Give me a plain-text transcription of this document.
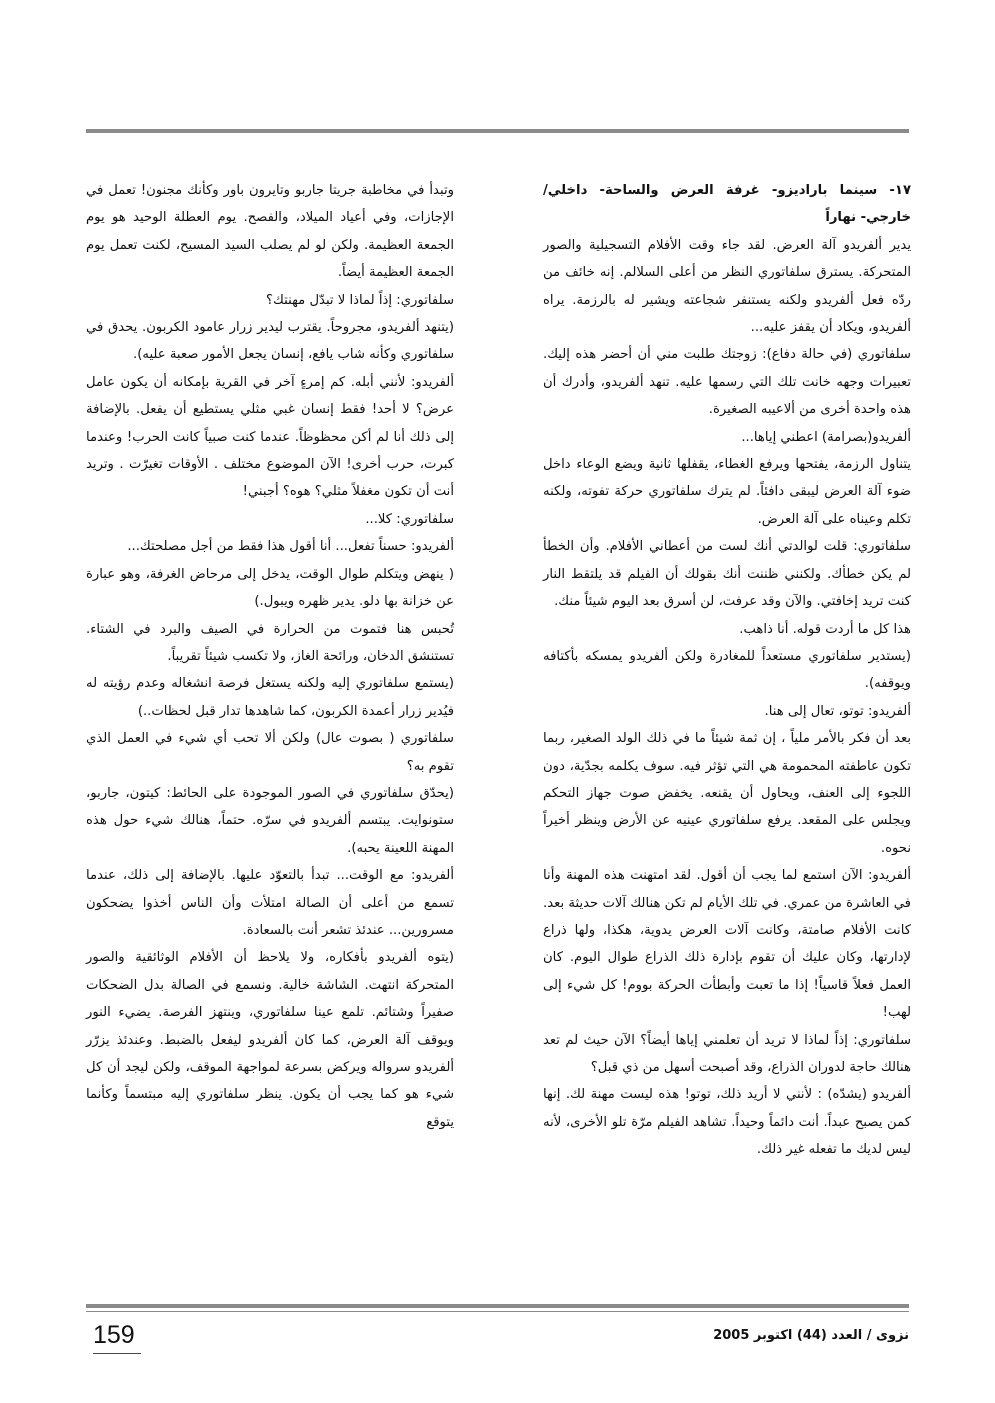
١٧- سينما باراديزو- غرفة العرض والساحة- داخلي/خارجي- نهاراً

يدير ألفريدو آلة العرض. لقد جاء وقت الأفلام التسجيلية والصور المتحركة. يسترق سلفاتوري النظر من أعلى السلالم. إنه خائف من ردّه فعل ألفريدو ولكنه يستنفر شجاعته ويشير له بالرزمة. يراه ألفريدو، ويكاد أن يقفز عليه...

سلفاتوري (في حالة دفاع): زوجتك طلبت مني أن أحضر هذه إليك. تعبيرات وجهه خانت تلك التي رسمها عليه. تنهد ألفريدو، وأدرك أن هذه واحدة أخرى من ألاعيبه الصغيرة.

ألفريدو(بصرامة) اعطني إياها...

يتناول الرزمة، يفتحها ويرفع الغطاء، يقفلها ثانية ويضع الوعاء داخل ضوء آلة العرض ليبقى دافئاً. لم يترك سلفاتوري حركة تفوته، ولكنه تكلم وعيناه على آلة العرض.

سلفاتوري: قلت لوالدتي أنك لست من أعطاني الأفلام. وأن الخطأ لم يكن خطأك. ولكنني ظننت أنك بقولك أن الفيلم قد يلتقط النار كنت تريد إخافتي. والآن وقد عرفت، لن أسرق بعد اليوم شيئاً منك.

هذا كل ما أردت قوله. أنا ذاهب.

(يستدير سلفاتوري مستعداً للمغادرة ولكن ألفريدو يمسكه بأكتافه ويوقفه).

ألفريدو: توتو، تعال إلى هنا.

بعد أن فكر بالأمر ملياً ، إن ثمة شيئاً ما في ذلك الولد الصغير، ربما تكون عاطفته المحمومة هي التي تؤثر فيه. سوف يكلمه بجدّية، دون اللجوء إلى العنف، ويحاول أن يقنعه. يخفض صوت جهاز التحكم ويجلس على المقعد. يرفع سلفاتوري عينيه عن الأرض وينظر أخيراً نحوه.

ألفريدو: الآن استمع لما يجب أن أقول. لقد امتهنت هذه المهنة وأنا في العاشرة من عمري. في تلك الأيام لم تكن هنالك آلات حديثة بعد. كانت الأفلام صامتة، وكانت آلات العرض يدوية، هكذا، ولها ذراع لإدارتها، وكان عليك أن تقوم بإدارة ذلك الذراع طوال اليوم. كان العمل فعلاً قاسياً! إذا ما تعبت وأبطأت الحركة بووم! كل شيء إلى لهب!

سلفاتوري: إذاً لماذا لا تريد أن تعلمني إياها أيضاً؟ الآن حيث لم تعد هنالك حاجة لدوران الذراع، وقد أصبحت أسهل من ذي قبل؟

ألفريدو (يشدّه) : لأنني لا أريد ذلك، توتو! هذه ليست مهنة لك. إنها كمن يصبح عبداً. أنت دائماً وحيداً. تشاهد الفيلم مرّة تلو الأخرى، لأنه ليس لديك ما تفعله غير ذلك.

وتبدأ في مخاطبة جريتا جاربو وتايرون باور وكأنك مجنون! تعمل في الإجازات، وفي أعياد الميلاد، والفصح. يوم العطلة الوحيد هو يوم الجمعة العظيمة. ولكن لو لم يصلب السيد المسيح، لكنت تعمل يوم الجمعة العظيمة أيضاً.

سلفاتوري: إذاً لماذا لا تبدّل مهنتك؟

(يتنهد ألفريدو، مجروحاً. يقترب ليدير زرار عامود الكربون. يحدق في سلفاتوري وكأنه شاب يافع، إنسان يجعل الأمور صعبة عليه).

ألفريدو: لأنني أبله. كم إمرءٍ آخر في القرية بإمكانه أن يكون عامل عرض؟ لا أحد! فقط إنسان غبي مثلي يستطيع أن يفعل. بالإضافة إلى ذلك أنا لم أكن محظوظاً. عندما كنت صبياً كانت الحرب! وعندما كبرت، حرب أخرى! الآن الموضوع مختلف . الأوقات تغيرّت . وتريد أنت أن تكون مغفلاً مثلي؟ هوه؟ أجبني!

سلفاتوري: كلا...

ألفريدو: حسناً تفعل... أنا أقول هذا فقط من أجل مصلحتك...

( ينهض ويتكلم طوال الوقت، يدخل إلى مرحاض الغرفة، وهو عبارة عن خزانة بها دلو. يدير ظهره ويبول.)

تُحبس هنا فتموت من الحرارة في الصيف والبرد في الشتاء. تستنشق الدخان، ورائحة الغاز، ولا تكسب شيئاً تقريباً.

(يستمع سلفاتوري إليه ولكنه يستغل فرصة انشغاله وعدم رؤيته له فيُدير زرار أعمدة الكربون، كما شاهدها تدار قبل لحظات..)

سلفاتوري ( بصوت عال) ولكن ألا تحب أي شيء في العمل الذي تقوم به؟

(يحدّق سلفاتوري في الصور الموجودة على الحائط: كيتون، جاربو، ستونوايت. يبتسم ألفريدو في سرّه. حتماً، هنالك شيء حول هذه المهنة اللعينة يحبه).

ألفريدو: مع الوقت... تبدأ بالتعوّد عليها. بالإضافة إلى ذلك، عندما تسمع من أعلى أن الصالة امتلأت وأن الناس أخذوا يضحكون مسرورين... عندئذ تشعر أنت بالسعادة.

(يتوه ألفريدو بأفكاره، ولا يلاحظ أن الأفلام الوثائقية والصور المتحركة انتهت. الشاشة خالية. ونسمع في الصالة بدل الضحكات صفيراً وشتائم. تلمع عينا سلفاتوري، وينتهز الفرصة. يضيء النور ويوقف آلة العرض، كما كان ألفريدو ليفعل بالضبط. وعندئذ يزرّر ألفريدو سرواله ويركض بسرعة لمواجهة الموقف، ولكن ليجد أن كل شيء هو كما يجب أن يكون. ينظر سلفاتوري إليه مبتسماً وكأنما يتوقع

159	نزوى / العدد (44) اكتوبر 2005
